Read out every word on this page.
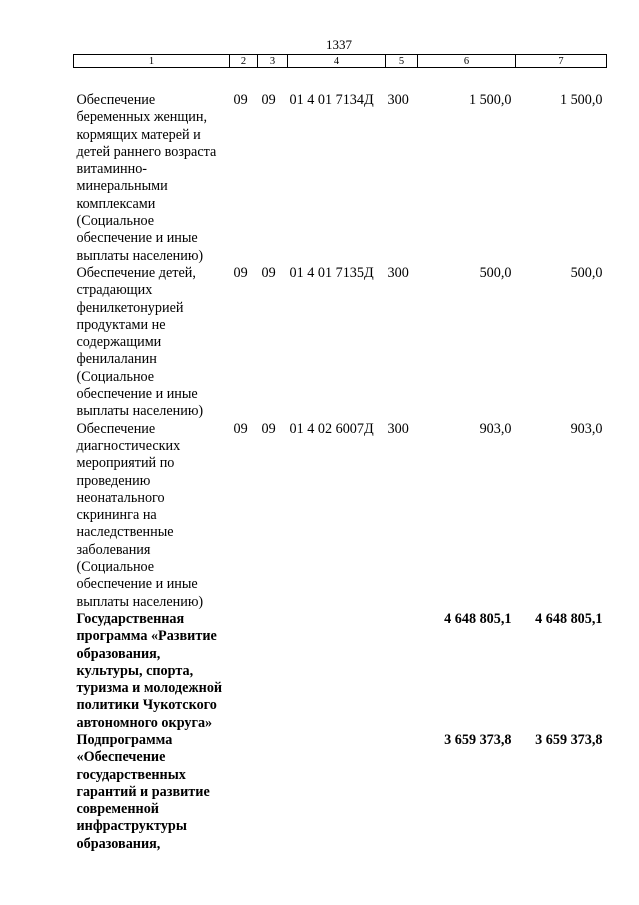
1337
1	2	3	4	5	6	7
Обеспечение беременных женщин, кормящих матерей и детей раннего возраста витаминно-минеральными комплексами (Социальное обеспечение и иные выплаты населению)	09	09	01 4 01 7134Д	300	1 500,0	1 500,0
Обеспечение детей, страдающих фенилкетонурией продуктами не содержащими фенилаланин (Социальное обеспечение и иные выплаты населению)	09	09	01 4 01 7135Д	300	500,0	500,0
Обеспечение диагностических мероприятий по проведению неонатального скрининга на наследственные заболевания (Социальное обеспечение и иные выплаты населению)	09	09	01 4 02 6007Д	300	903,0	903,0
Государственная программа «Развитие образования, культуры, спорта, туризма и молодежной политики Чукотского автономного округа»					4 648 805,1	4 648 805,1
Подпрограмма «Обеспечение государственных гарантий и развитие современной инфраструктуры образования,					3 659 373,8	3 659 373,8
